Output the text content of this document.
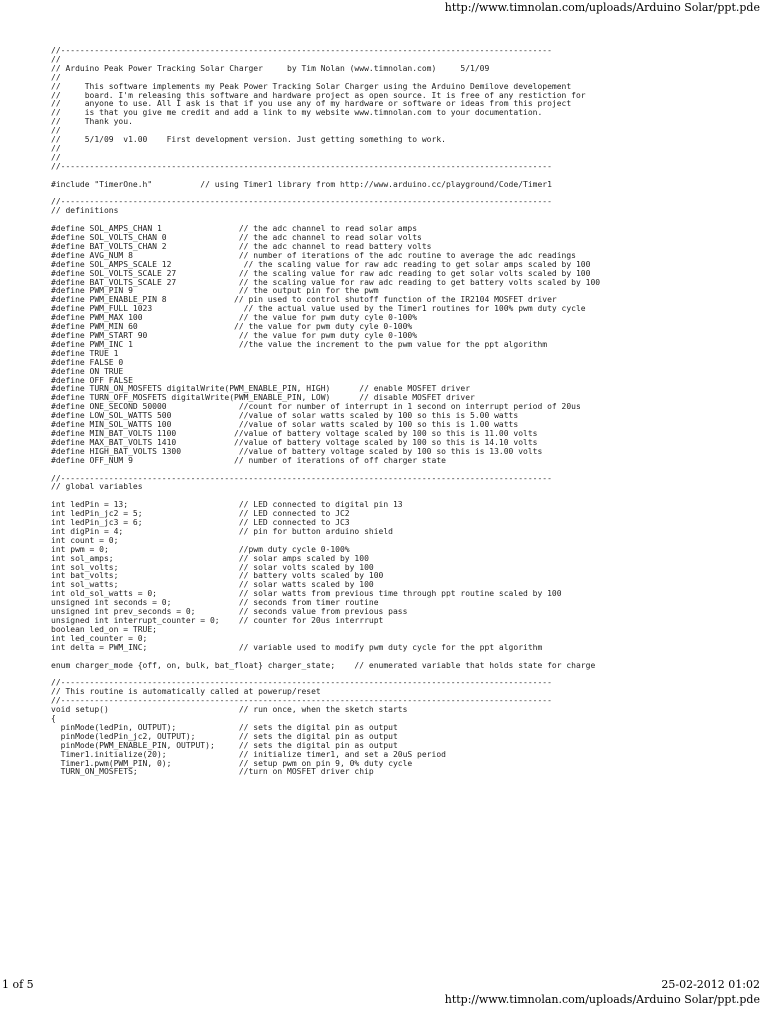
http://www.timnolan.com/uploads/Arduino Solar/ppt.pde
//------------------------------------------------------------------------------------------------------
//
// Arduino Peak Power Tracking Solar Charger     by Tim Nolan (www.timnolan.com)     5/1/09
//
//     This software implements my Peak Power Tracking Solar Charger using the Arduino Demilove developement
//     board. I'm releasing this software and hardware project as open source. It is free of any restiction for
//     anyone to use. All I ask is that if you use any of my hardware or software or ideas from this project
//     is that you give me credit and add a link to my website www.timnolan.com to your documentation.
//     Thank you.
//
//     5/1/09  v1.00    First development version. Just getting something to work.
//
//
//------------------------------------------------------------------------------------------------------

#include "TimerOne.h"          // using Timer1 library from http://www.arduino.cc/playground/Code/Timer1

//------------------------------------------------------------------------------------------------------
// definitions

#define SOL_AMPS_CHAN 1                // the adc channel to read solar amps
#define SOL_VOLTS_CHAN 0               // the adc channel to read solar volts
#define BAT_VOLTS_CHAN 2               // the adc channel to read battery volts
#define AVG_NUM 8                      // number of iterations of the adc routine to average the adc readings
#define SOL_AMPS_SCALE 12               // the scaling value for raw adc reading to get solar amps scaled by 100
#define SOL_VOLTS_SCALE 27             // the scaling value for raw adc reading to get solar volts scaled by 100
#define BAT_VOLTS_SCALE 27             // the scaling value for raw adc reading to get battery volts scaled by 100
#define PWM_PIN 9                      // the output pin for the pwm
#define PWM_ENABLE_PIN 8              // pin used to control shutoff function of the IR2104 MOSFET driver
#define PWM_FULL 1023                   // the actual value used by the Timer1 routines for 100% pwm duty cycle
#define PWM_MAX 100                    // the value for pwm duty cyle 0-100%
#define PWM_MIN 60                    // the value for pwm duty cyle 0-100%
#define PWM_START 90                   // the value for pwm duty cyle 0-100%
#define PWM_INC 1                      //the value the increment to the pwm value for the ppt algorithm
#define TRUE 1
#define FALSE 0
#define ON TRUE
#define OFF FALSE
#define TURN_ON_MOSFETS digitalWrite(PWM_ENABLE_PIN, HIGH)      // enable MOSFET driver
#define TURN_OFF_MOSFETS digitalWrite(PWM_ENABLE_PIN, LOW)      // disable MOSFET driver
#define ONE_SECOND 50000               //count for number of interrupt in 1 second on interrupt period of 20us
#define LOW_SOL_WATTS 500              //value of solar watts scaled by 100 so this is 5.00 watts
#define MIN_SOL_WATTS 100              //value of solar watts scaled by 100 so this is 1.00 watts
#define MIN_BAT_VOLTS 1100            //value of battery voltage scaled by 100 so this is 11.00 volts
#define MAX_BAT_VOLTS 1410            //value of battery voltage scaled by 100 so this is 14.10 volts
#define HIGH_BAT_VOLTS 1300            //value of battery voltage scaled by 100 so this is 13.00 volts
#define OFF_NUM 9                     // number of iterations of off charger state

//------------------------------------------------------------------------------------------------------
// global variables

int ledPin = 13;                       // LED connected to digital pin 13
int ledPin_jc2 = 5;                    // LED connected to JC2
int ledPin_jc3 = 6;                    // LED connected to JC3
int digPin = 4;                        // pin for button arduino shield
int count = 0;
int pwm = 0;                           //pwm duty cycle 0-100%
int sol_amps;                          // solar amps scaled by 100
int sol_volts;                         // solar volts scaled by 100
int bat_volts;                         // battery volts scaled by 100
int sol_watts;                         // solar watts scaled by 100
int old_sol_watts = 0;                 // solar watts from previous time through ppt routine scaled by 100
unsigned int seconds = 0;              // seconds from timer routine
unsigned int prev_seconds = 0;         // seconds value from previous pass
unsigned int interrupt_counter = 0;    // counter for 20us interrrupt
boolean led_on = TRUE;
int led_counter = 0;
int delta = PWM_INC;                   // variable used to modify pwm duty cycle for the ppt algorithm

enum charger_mode {off, on, bulk, bat_float} charger_state;    // enumerated variable that holds state for charge

//------------------------------------------------------------------------------------------------------
// This routine is automatically called at powerup/reset
//------------------------------------------------------------------------------------------------------
void setup()                           // run once, when the sketch starts
{
pinMode(ledPin, OUTPUT);             // sets the digital pin as output
pinMode(ledPin_jc2, OUTPUT);         // sets the digital pin as output
pinMode(PWM_ENABLE_PIN, OUTPUT);     // sets the digital pin as output
Timer1.initialize(20);               // initialize timer1, and set a 20uS period
Timer1.pwm(PWM_PIN, 0);              // setup pwm on pin 9, 0% duty cycle
TURN_ON_MOSFETS;                     //turn on MOSFET driver chip
1 of 5	25-02-2012 01:02
http://www.timnolan.com/uploads/Arduino Solar/ppt.pde
